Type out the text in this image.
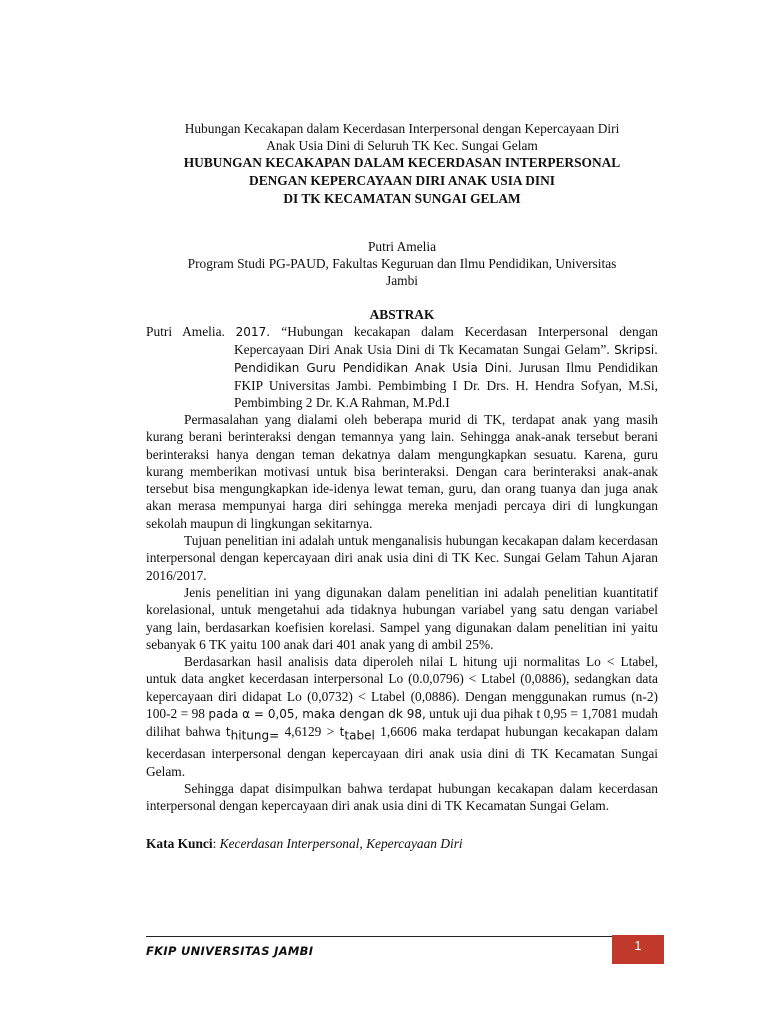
Hubungan Kecakapan dalam Kecerdasan Interpersonal dengan Kepercayaan Diri
Anak Usia Dini di Seluruh TK Kec. Sungai Gelam
HUBUNGAN KECAKAPAN DALAM KECERDASAN INTERPERSONAL
DENGAN KEPERCAYAAN DIRI ANAK USIA DINI
DI TK KECAMATAN SUNGAI GELAM
Putri Amelia
Program Studi PG-PAUD, Fakultas Keguruan dan Ilmu Pendidikan, Universitas
Jambi
ABSTRAK
Putri Amelia. 2017. “Hubungan kecakapan dalam Kecerdasan Interpersonal dengan Kepercayaan Diri Anak Usia Dini di Tk Kecamatan Sungai Gelam”. Skripsi. Pendidikan Guru Pendidikan Anak Usia Dini. Jurusan Ilmu Pendidikan FKIP Universitas Jambi. Pembimbing I Dr. Drs. H. Hendra Sofyan, M.Si, Pembimbing 2 Dr. K.A Rahman, M.Pd.I

Permasalahan yang dialami oleh beberapa murid di TK, terdapat anak yang masih kurang berani berinteraksi dengan temannya yang lain. Sehingga anak-anak tersebut berani berinteraksi hanya dengan teman dekatnya dalam mengungkapkan sesuatu. Karena, guru kurang memberikan motivasi untuk bisa berinteraksi. Dengan cara berinteraksi anak-anak tersebut bisa mengungkapkan ide-idenya lewat teman, guru, dan orang tuanya dan juga anak akan merasa mempunyai harga diri sehingga mereka menjadi percaya diri di lungkungan sekolah maupun di lingkungan sekitarnya.

Tujuan penelitian ini adalah untuk menganalisis hubungan kecakapan dalam kecerdasan interpersonal dengan kepercayaan diri anak usia dini di TK Kec. Sungai Gelam Tahun Ajaran 2016/2017.

Jenis penelitian ini yang digunakan dalam penelitian ini adalah penelitian kuantitatif korelasional, untuk mengetahui ada tidaknya hubungan variabel yang satu dengan variabel yang lain, berdasarkan koefisien korelasi. Sampel yang digunakan dalam penelitian ini yaitu sebanyak 6 TK yaitu 100 anak dari 401 anak yang di ambil 25%.

Berdasarkan hasil analisis data diperoleh nilai L hitung uji normalitas Lo < Ltabel, untuk data angket kecerdasan interpersonal Lo (0.0,0796) < Ltabel (0,0886), sedangkan data kepercayaan diri didapat Lo (0,0732) < Ltabel (0,0886). Dengan menggunakan rumus (n-2) 100-2 = 98 pada α = 0,05, maka dengan dk 98, untuk uji dua pihak t 0,95 = 1,7081 mudah dilihat bahwa $t_{hitung=}$ $4,6129 > t_{tabel}$ 1,6606 maka terdapat hubungan kecakapan dalam kecerdasan interpersonal dengan kepercayaan diri anak usia dini di TK Kecamatan Sungai Gelam.

Sehingga dapat disimpulkan bahwa terdapat hubungan kecakapan dalam kecerdasan interpersonal dengan kepercayaan diri anak usia dini di TK Kecamatan Sungai Gelam.

Kata Kunci: Kecerdasan Interpersonal, Kepercayaan Diri
FKIP UNIVERSITAS JAMBI	1
